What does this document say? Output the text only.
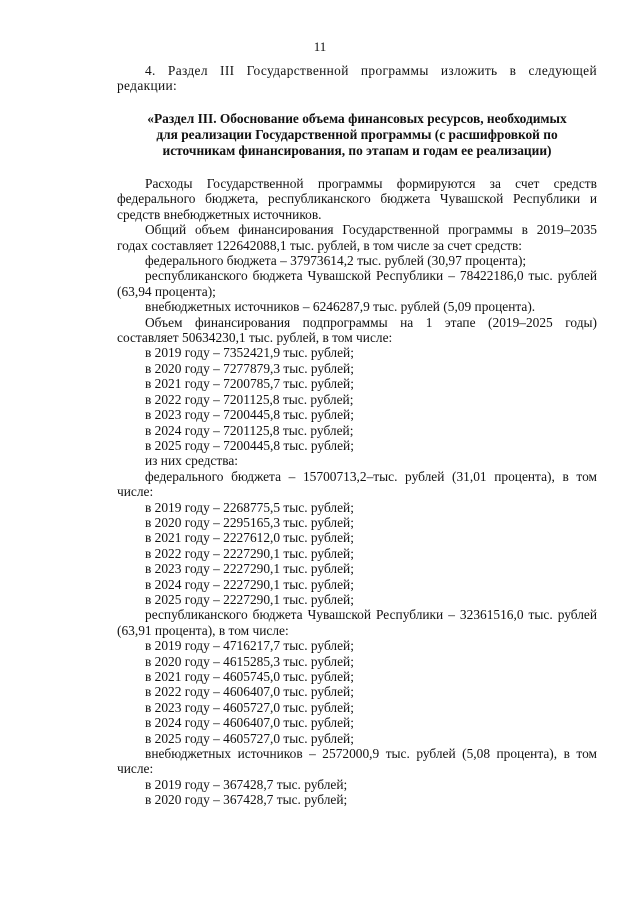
11

4. Раздел III Государственной программы изложить в следующей редакции:

«Раздел III. Обоснование объема финансовых ресурсов, необходимых

для реализации Государственной программы (с расшифровкой по

источникам финансирования, по этапам и годам ее реализации)

Расходы Государственной программы формируются за счет средств федерального бюджета, республиканского бюджета Чувашской Республики и средств внебюджетных источников.

Общий объем финансирования Государственной программы в 2019–2035 годах составляет 122642088,1 тыс. рублей, в том числе за счет средств:

федерального бюджета – 37973614,2 тыс. рублей (30,97 процента);

республиканского бюджета Чувашской Республики – 78422186,0 тыс. рублей (63,94 процента);

внебюджетных источников – 6246287,9 тыс. рублей (5,09 процента).

Объем финансирования подпрограммы на 1 этапе (2019–2025 годы) составляет 50634230,1 тыс. рублей, в том числе:

в 2019 году – 7352421,9 тыс. рублей;

в 2020 году – 7277879,3 тыс. рублей;

в 2021 году – 7200785,7 тыс. рублей;

в 2022 году – 7201125,8 тыс. рублей;

в 2023 году – 7200445,8 тыс. рублей;

в 2024 году – 7201125,8 тыс. рублей;

в 2025 году – 7200445,8 тыс. рублей;

из них средства:

федерального бюджета – 15700713,2–тыс. рублей (31,01 процента), в том числе:

в 2019 году – 2268775,5 тыс. рублей;

в 2020 году – 2295165,3 тыс. рублей;

в 2021 году – 2227612,0 тыс. рублей;

в 2022 году – 2227290,1 тыс. рублей;

в 2023 году – 2227290,1 тыс. рублей;

в 2024 году – 2227290,1 тыс. рублей;

в 2025 году – 2227290,1 тыс. рублей;

республиканского бюджета Чувашской Республики – 32361516,0 тыс. рублей (63,91 процента), в том числе:

в 2019 году – 4716217,7 тыс. рублей;

в 2020 году – 4615285,3 тыс. рублей;

в 2021 году – 4605745,0 тыс. рублей;

в 2022 году – 4606407,0 тыс. рублей;

в 2023 году – 4605727,0 тыс. рублей;

в 2024 году – 4606407,0 тыс. рублей;

в 2025 году – 4605727,0 тыс. рублей;

внебюджетных источников – 2572000,9 тыс. рублей (5,08 процента), в том числе:

в 2019 году – 367428,7 тыс. рублей;

в 2020 году – 367428,7 тыс. рублей;
